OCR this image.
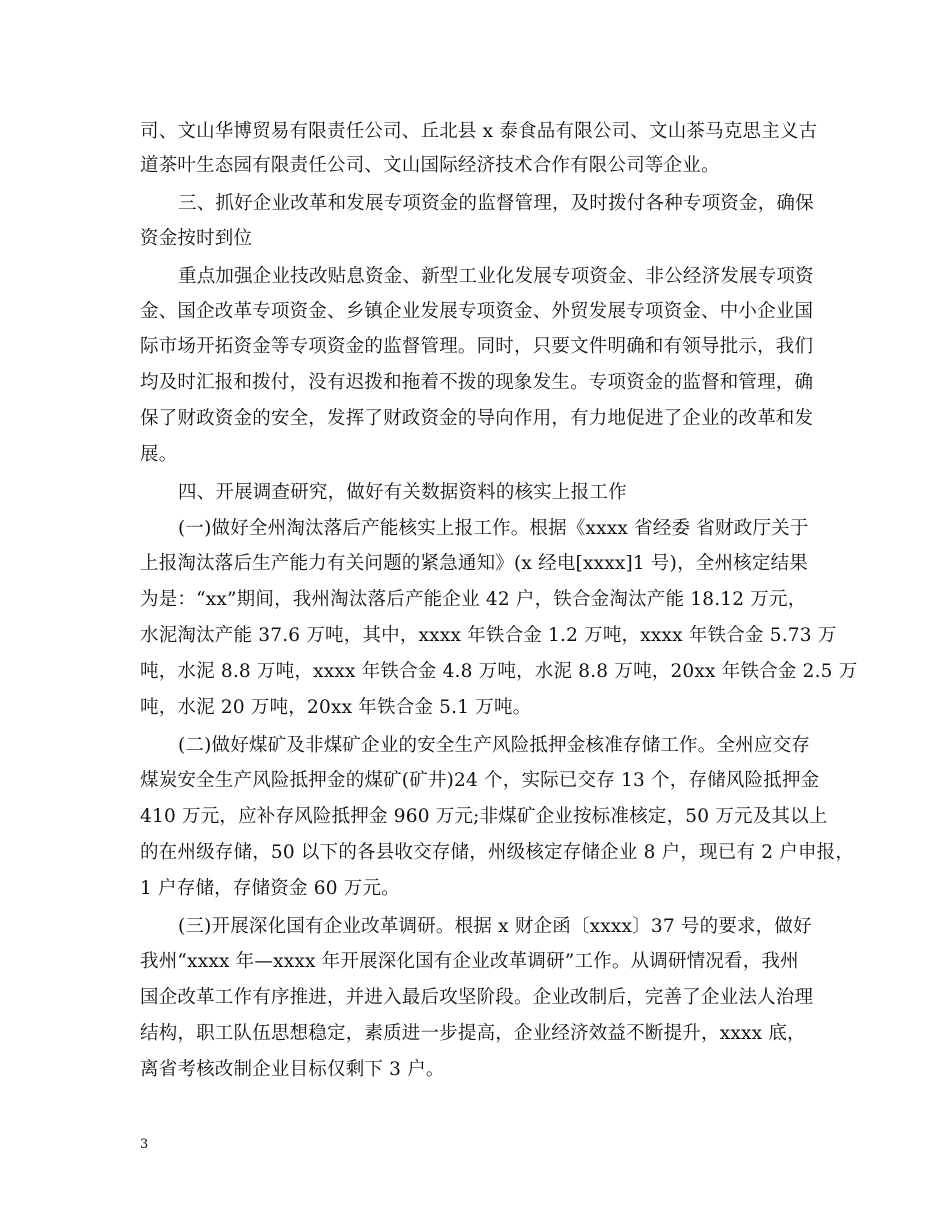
司、文山华博贸易有限责任公司、丘北县 x 泰食品有限公司、文山茶马克思主义古
道茶叶生态园有限责任公司、文山国际经济技术合作有限公司等企业。
三、抓好企业改革和发展专项资金的监督管理，及时拨付各种专项资金，确保
资金按时到位
重点加强企业技改贴息资金、新型工业化发展专项资金、非公经济发展专项资
金、国企改革专项资金、乡镇企业发展专项资金、外贸发展专项资金、中小企业国
际市场开拓资金等专项资金的监督管理。同时，只要文件明确和有领导批示，我们
均及时汇报和拨付，没有迟拨和拖着不拨的现象发生。专项资金的监督和管理，确
保了财政资金的安全，发挥了财政资金的导向作用，有力地促进了企业的改革和发
展。
四、开展调查研究，做好有关数据资料的核实上报工作
(一)做好全州淘汰落后产能核实上报工作。根据《xxxx 省经委 省财政厅关于
上报淘汰落后生产能力有关问题的紧急通知》(x 经电[xxxx]1 号)，全州核定结果
为是：“xx”期间，我州淘汰落后产能企业 42 户，铁合金淘汰产能 18.12 万元，
水泥淘汰产能 37.6 万吨，其中，xxxx 年铁合金 1.2 万吨，xxxx 年铁合金 5.73 万
吨，水泥 8.8 万吨，xxxx 年铁合金 4.8 万吨，水泥 8.8 万吨，20xx 年铁合金 2.5 万
吨，水泥 20 万吨，20xx 年铁合金 5.1 万吨。
(二)做好煤矿及非煤矿企业的安全生产风险抵押金核准存储工作。全州应交存
煤炭安全生产风险抵押金的煤矿(矿井)24 个，实际已交存 13 个，存储风险抵押金
410 万元，应补存风险抵押金 960 万元;非煤矿企业按标准核定，50 万元及其以上
的在州级存储，50 以下的各县收交存储，州级核定存储企业 8 户，现已有 2 户申报，
1 户存储，存储资金 60 万元。
(三)开展深化国有企业改革调研。根据 x 财企函〔xxxx〕37 号的要求，做好
我州“xxxx 年—xxxx 年开展深化国有企业改革调研”工作。从调研情况看，我州
国企改革工作有序推进，并进入最后攻坚阶段。企业改制后，完善了企业法人治理
结构，职工队伍思想稳定，素质进一步提高，企业经济效益不断提升，xxxx 底，
离省考核改制企业目标仅剩下 3 户。
3
